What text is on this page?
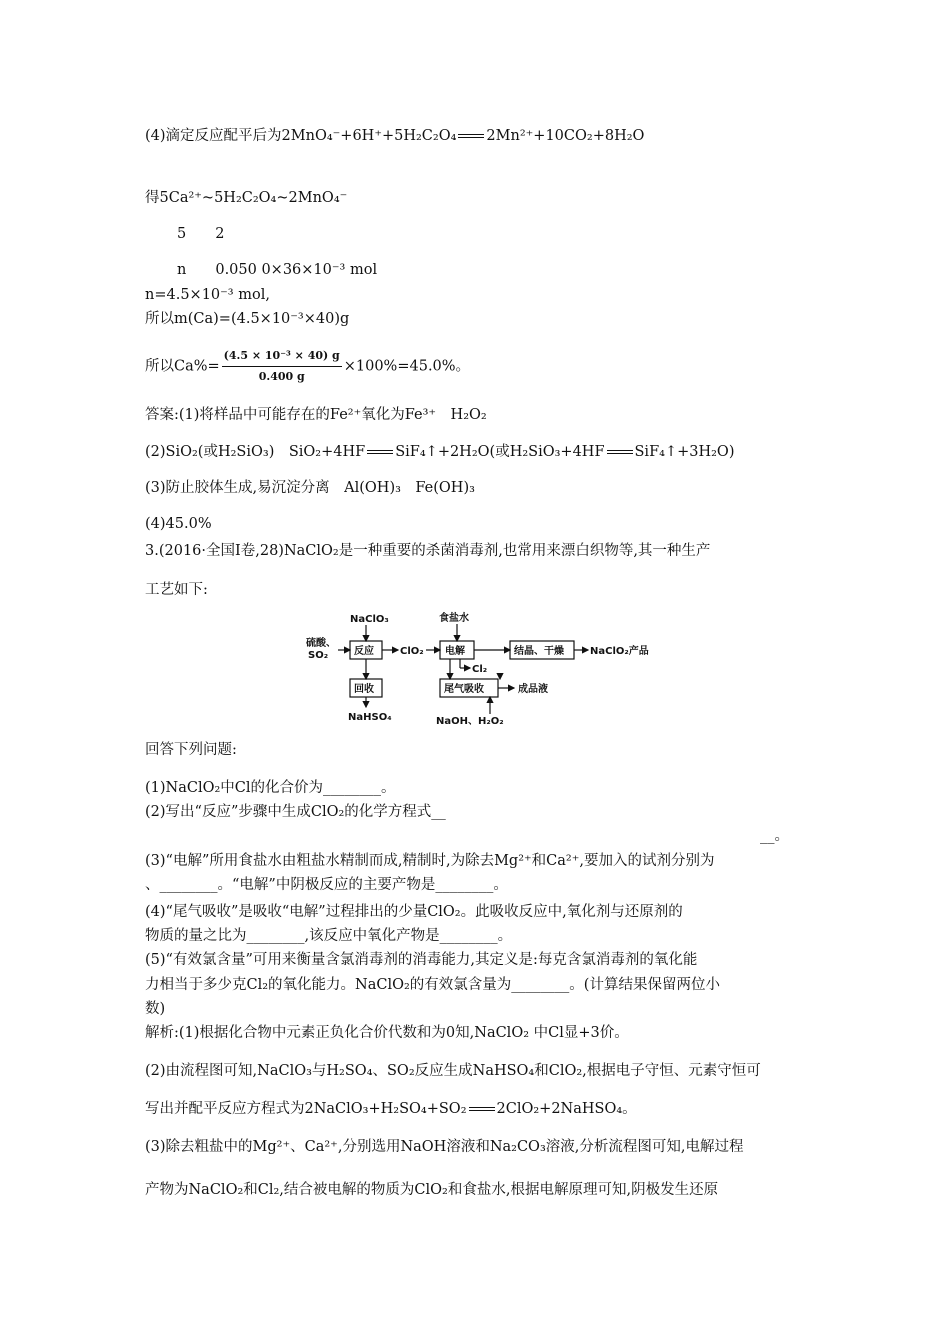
(4)滴定反应配平后为2MnO₄⁻+6H⁺+5H₂C₂O₄ 2Mn²⁺+10CO₂+8H₂O
得5Ca²⁺~5H₂C₂O₄~2MnO₄⁻
5　　2
n　　0.050 0×36×10⁻³ mol
n=4.5×10⁻³ mol,
所以m(Ca)=(4.5×10⁻³×40)g
所以$Ca\%= \frac{\text{(4.5 × 10⁻³ × 40) g}}{0.400 g} \times 100\%=45.0\%$。
答案:(1)将样品中可能存在的Fe²⁺氧化为Fe³⁺　H₂O₂
(2)SiO₂(或H₂SiO₃)　SiO₂+4HF SiF₄↑+2H₂O(或H₂SiO₃+4HF SiF₄↑+3H₂O)
(3)防止胶体生成,易沉淀分离　Al(OH)₃　Fe(OH)₃
(4)45.0%
3.(2016·全国Ⅰ卷,28)NaClO₂是一种重要的杀菌消毒剂,也常用来漂白织物等,其一种生产
工艺如下:
硫酸、
SO₂
NaClO₃
反应	ClO₂
回收
NaHSO₄
食盐水
电解
Cl₂
结晶、干燥	NaClO₂产品
尾气吸收	成品液
NaOH、H₂O₂
回答下列问题:
(1)NaClO₂中Cl的化合价为________。
(2)写出“反应”步骤中生成ClO₂的化学方程式__
__。
(3)“电解”所用食盐水由粗盐水精制而成,精制时,为除去Mg²⁺和Ca²⁺,要加入的试剂分别为
、________。“电解”中阴极反应的主要产物是________。
(4)“尾气吸收”是吸收“电解”过程排出的少量ClO₂。此吸收反应中,氧化剂与还原剂的
物质的量之比为________,该反应中氧化产物是________。
(5)“有效氯含量”可用来衡量含氯消毒剂的消毒能力,其定义是:每克含氯消毒剂的氧化能
力相当于多少克Cl₂的氧化能力。NaClO₂的有效氯含量为________。(计算结果保留两位小
数)
解析:(1)根据化合物中元素正负化合价代数和为0知,NaClO₂ 中Cl显+3价。
(2)由流程图可知,NaClO₃与H₂SO₄、SO₂反应生成NaHSO₄和ClO₂,根据电子守恒、元素守恒可
写出并配平反应方程式为2NaClO₃+H₂SO₄+SO₂ 2ClO₂+2NaHSO₄。
(3)除去粗盐中的Mg²⁺、Ca²⁺,分别选用NaOH溶液和Na₂CO₃溶液,分析流程图可知,电解过程
产物为NaClO₂和Cl₂,结合被电解的物质为ClO₂和食盐水,根据电解原理可知,阴极发生还原
